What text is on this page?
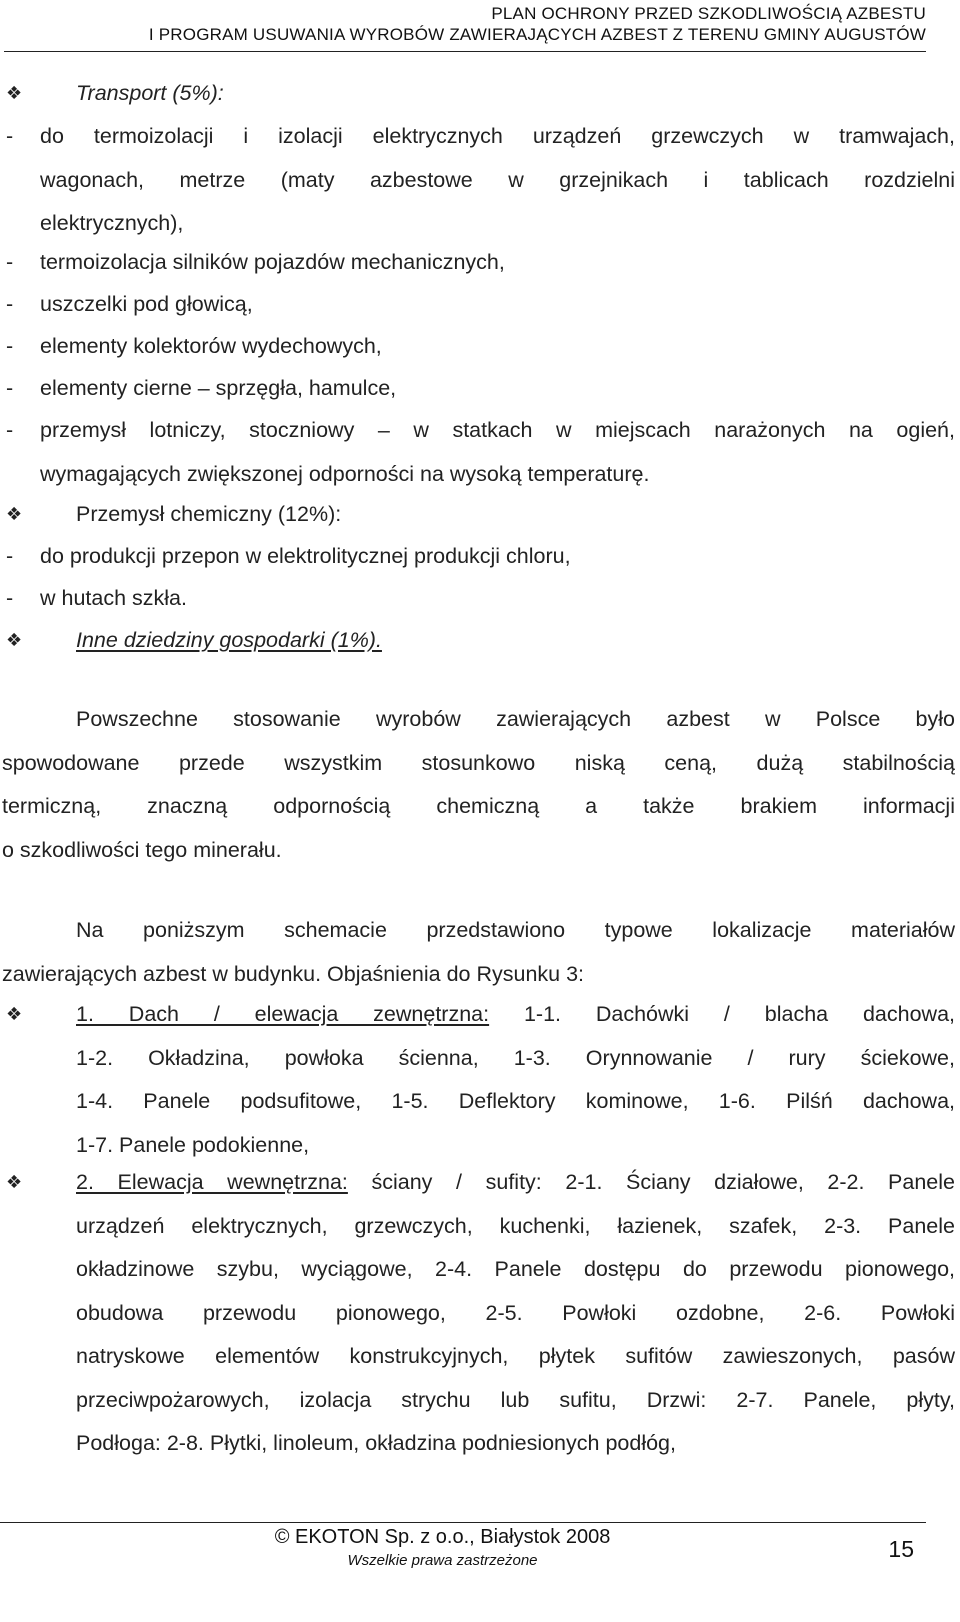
PLAN OCHRONY PRZED SZKODLIWOŚCIĄ AZBESTU
I PROGRAM USUWANIA WYROBÓW ZAWIERAJĄCYCH AZBEST Z TERENU GMINY AUGUSTÓW
❖	Transport (5%):
- do termoizolacji i izolacji elektrycznych urządzeń grzewczych w tramwajach,
wagonach, metrze (maty azbestowe w grzejnikach i tablicach rozdzielni
elektrycznych),
- termoizolacja silników pojazdów mechanicznych,
- uszczelki pod głowicą,
- elementy kolektorów wydechowych,
- elementy cierne – sprzęgła, hamulce,
- przemysł lotniczy, stoczniowy – w statkach w miejscach narażonych na ogień,
wymagających zwiększonej odporności na wysoką temperaturę.
❖	Przemysł chemiczny (12%):
- do produkcji przepon w elektrolitycznej produkcji chloru,
- w hutach szkła.
❖	Inne dziedziny gospodarki (1%).
Powszechne stosowanie wyrobów zawierających azbest w Polsce było
spowodowane przede wszystkim stosunkowo niską ceną, dużą stabilnością
termiczną, znaczną odpornością chemiczną a także brakiem informacji
o szkodliwości tego minerału.
Na poniższym schemacie przedstawiono typowe lokalizacje materiałów
zawierających azbest w budynku. Objaśnienia do Rysunku 3:
❖	1. Dach / elewacja zewnętrzna: 1-1. Dachówki / blacha dachowa,
1-2. Okładzina, powłoka ścienna, 1-3. Orynnowanie / rury ściekowe,
1-4. Panele podsufitowe, 1-5. Deflektory kominowe, 1-6. Pilśń dachowa,
1-7. Panele podokienne,
❖	2. Elewacja wewnętrzna: ściany / sufity: 2-1. Ściany działowe, 2-2. Panele
urządzeń elektrycznych, grzewczych, kuchenki, łazienek, szafek, 2-3. Panele
okładzinowe szybu, wyciągowe, 2-4. Panele dostępu do przewodu pionowego,
obudowa przewodu pionowego, 2-5. Powłoki ozdobne, 2-6. Powłoki
natryskowe elementów konstrukcyjnych, płytek sufitów zawieszonych, pasów
przeciwpożarowych, izolacja strychu lub sufitu, Drzwi: 2-7. Panele, płyty,
Podłoga: 2-8. Płytki, linoleum, okładzina podniesionych podłóg,
© EKOTON Sp. z o.o., Białystok 2008
Wszelkie prawa zastrzeżone	15
